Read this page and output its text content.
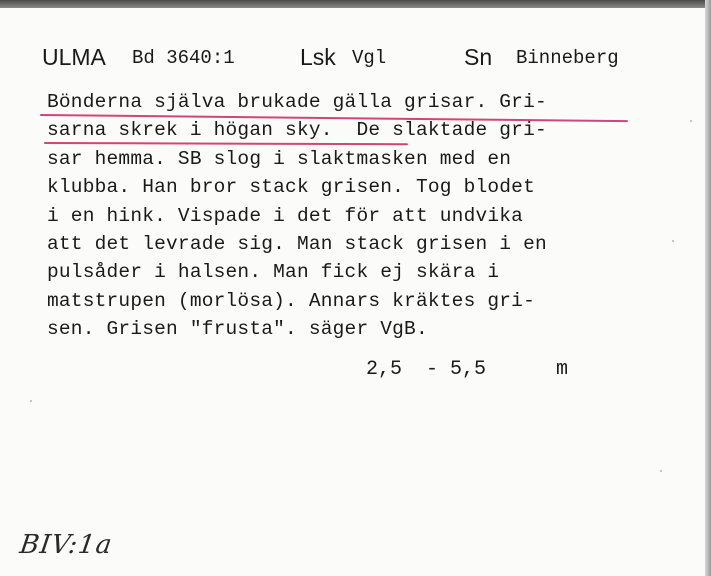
ULMA Bd 3640:1	Lsk Vgl	Sn Binneberg
Bönderna själva brukade gälla grisar. Gri-
sarna skrek i högan sky.  De slaktade gri-
sar hemma. SB slog i slaktmasken med en
klubba. Han bror stack grisen. Tog blodet
i en hink. Vispade i det för att undvika
att det levrade sig. Man stack grisen i en
pulsåder i halsen. Man fick ej skära i
matstrupen (morlösa). Annars kräktes gri-
sen. Grisen "frusta". säger VgB.
2,5  - 5,5	m
BIV:1a
